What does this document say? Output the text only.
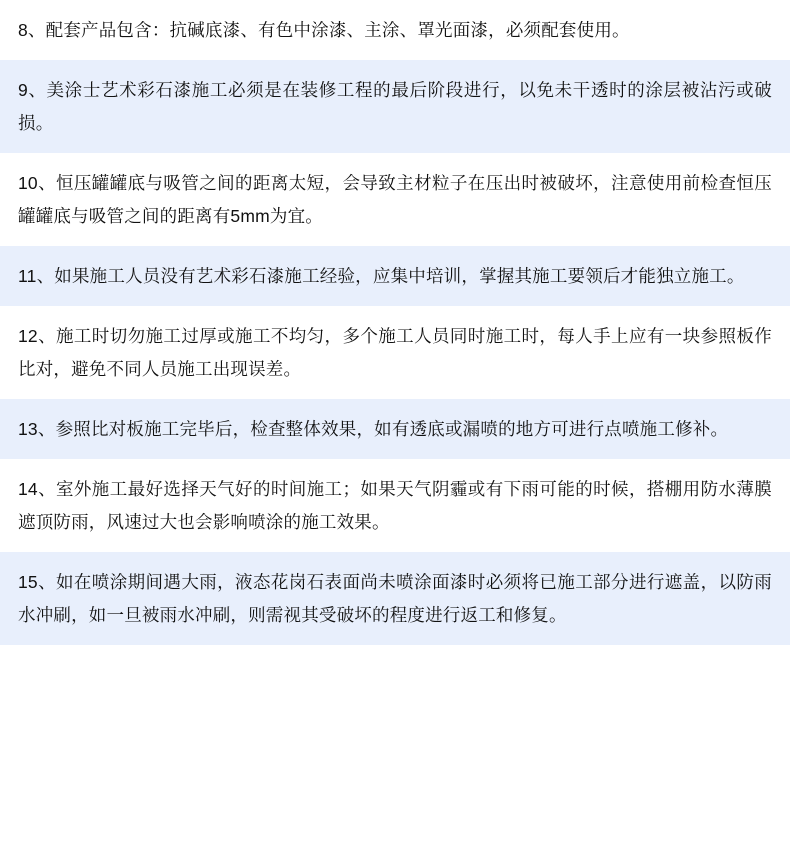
8、配套产品包含：抗碱底漆、有色中涂漆、主涂、罩光面漆，必须配套使用。
9、美涂士艺术彩石漆施工必须是在装修工程的最后阶段进行，以免未干透时的涂层被沾污或破损。
10、恒压罐罐底与吸管之间的距离太短，会导致主材粒子在压出时被破坏，注意使用前检查恒压罐罐底与吸管之间的距离有5mm为宜。
11、如果施工人员没有艺术彩石漆施工经验，应集中培训，掌握其施工要领后才能独立施工。
12、施工时切勿施工过厚或施工不均匀，多个施工人员同时施工时，每人手上应有一块参照板作比对，避免不同人员施工出现误差。
13、参照比对板施工完毕后，检查整体效果，如有透底或漏喷的地方可进行点喷施工修补。
14、室外施工最好选择天气好的时间施工；如果天气阴霾或有下雨可能的时候，搭棚用防水薄膜遮顶防雨，风速过大也会影响喷涂的施工效果。
15、如在喷涂期间遇大雨，液态花岗石表面尚未喷涂面漆时必须将已施工部分进行遮盖，以防雨水冲刷，如一旦被雨水冲刷，则需视其受破坏的程度进行返工和修复。
